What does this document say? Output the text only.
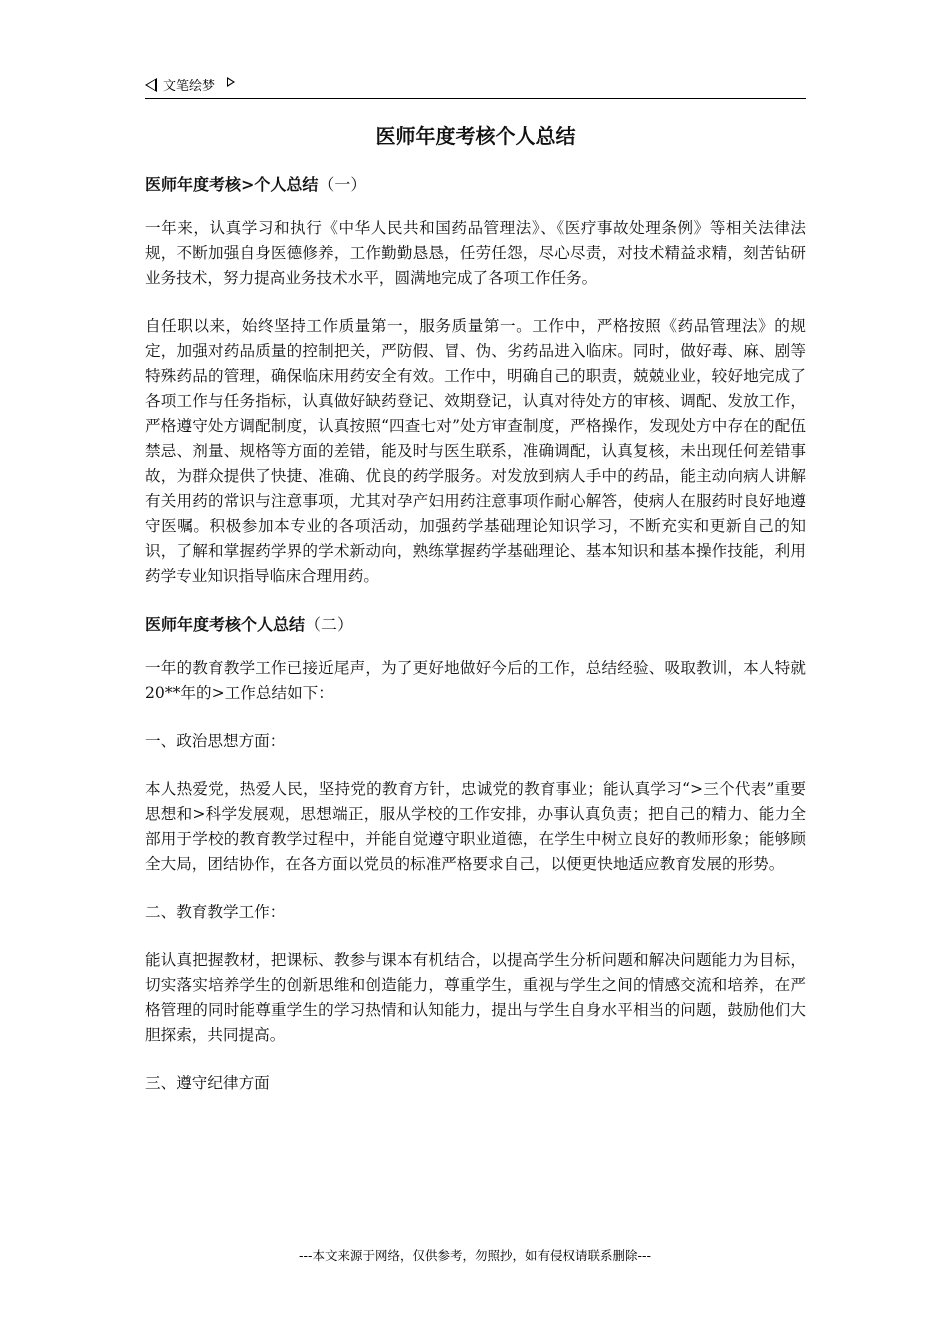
文笔绘梦
医师年度考核个人总结
医师年度考核>个人总结（一）

一年来，认真学习和执行《中华人民共和国药品管理法》、《医疗事故处理条例》等相关法律法规，不断加强自身医德修养，工作勤勤恳恳，任劳任怨，尽心尽责，对技术精益求精，刻苦钻研业务技术，努力提高业务技术水平，圆满地完成了各项工作任务。

自任职以来，始终坚持工作质量第一，服务质量第一。工作中，严格按照《药品管理法》的规定，加强对药品质量的控制把关，严防假、冒、伪、劣药品进入临床。同时，做好毒、麻、剧等特殊药品的管理，确保临床用药安全有效。工作中，明确自己的职责，兢兢业业，较好地完成了各项工作与任务指标，认真做好缺药登记、效期登记，认真对待处方的审核、调配、发放工作，严格遵守处方调配制度，认真按照“四查七对”处方审查制度，严格操作，发现处方中存在的配伍禁忌、剂量、规格等方面的差错，能及时与医生联系，准确调配，认真复核，未出现任何差错事故，为群众提供了快捷、准确、优良的药学服务。对发放到病人手中的药品，能主动向病人讲解有关用药的常识与注意事项，尤其对孕产妇用药注意事项作耐心解答，使病人在服药时良好地遵守医嘱。积极参加本专业的各项活动，加强药学基础理论知识学习，不断充实和更新自己的知识，了解和掌握药学界的学术新动向，熟练掌握药学基础理论、基本知识和基本操作技能，利用药学专业知识指导临床合理用药。

医师年度考核个人总结（二）

一年的教育教学工作已接近尾声，为了更好地做好今后的工作，总结经验、吸取教训，本人特就20**年的>工作总结如下：

一、政治思想方面：

本人热爱党，热爱人民，坚持党的教育方针，忠诚党的教育事业；能认真学习“>三个代表”重要思想和>科学发展观，思想端正，服从学校的工作安排，办事认真负责；把自己的精力、能力全部用于学校的教育教学过程中，并能自觉遵守职业道德，在学生中树立良好的教师形象；能够顾全大局，团结协作，在各方面以党员的标准严格要求自己，以便更快地适应教育发展的形势。

二、教育教学工作：

能认真把握教材，把课标、教参与课本有机结合，以提高学生分析问题和解决问题能力为目标，切实落实培养学生的创新思维和创造能力，尊重学生，重视与学生之间的情感交流和培养，在严格管理的同时能尊重学生的学习热情和认知能力，提出与学生自身水平相当的问题，鼓励他们大胆探索，共同提高。

三、遵守纪律方面

---本文来源于网络，仅供参考，勿照抄，如有侵权请联系删除---
